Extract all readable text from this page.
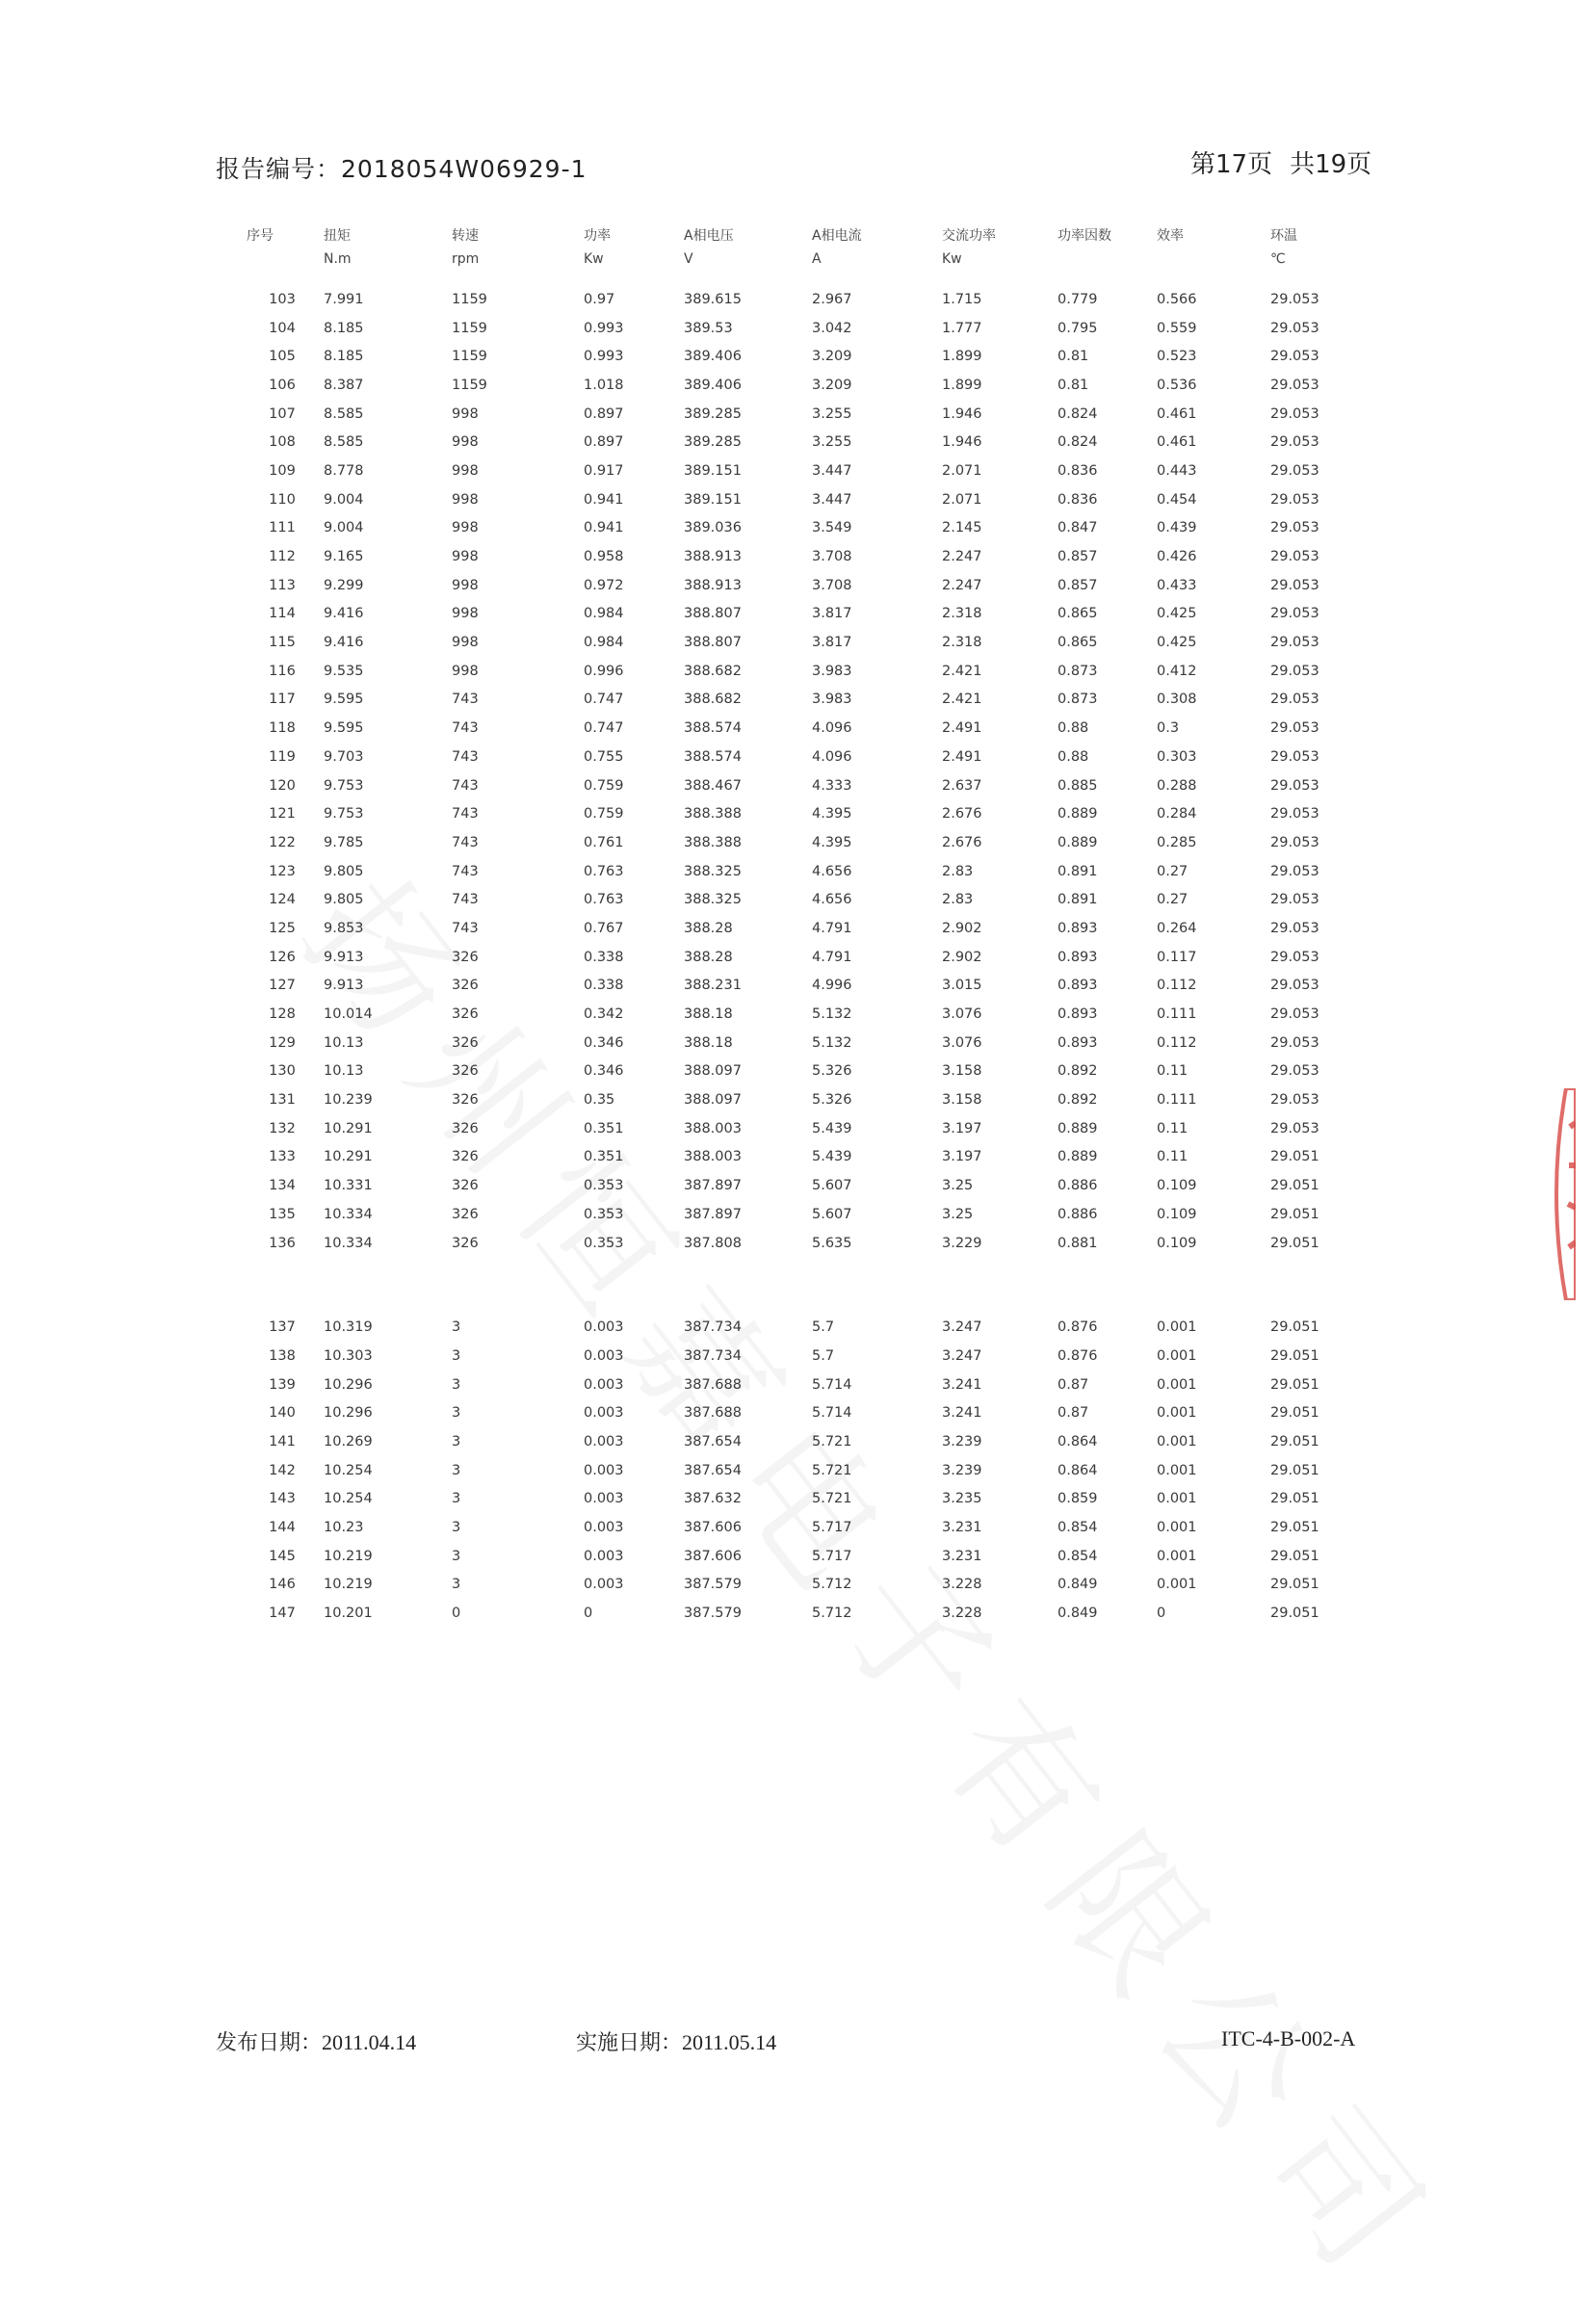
报告编号：2018054W06929-1	第17页 共19页
序号	扭矩	转速	功率	A相电压	A相电流	交流功率	功率因数	效率	环温
	N.m	rpm	Kw	V	A	Kw			℃

103	7.991	1159	0.97	389.615	2.967	1.715	0.779	0.566	29.053
104	8.185	1159	0.993	389.53	3.042	1.777	0.795	0.559	29.053
105	8.185	1159	0.993	389.406	3.209	1.899	0.81	0.523	29.053
106	8.387	1159	1.018	389.406	3.209	1.899	0.81	0.536	29.053
107	8.585	998	0.897	389.285	3.255	1.946	0.824	0.461	29.053
108	8.585	998	0.897	389.285	3.255	1.946	0.824	0.461	29.053
109	8.778	998	0.917	389.151	3.447	2.071	0.836	0.443	29.053
110	9.004	998	0.941	389.151	3.447	2.071	0.836	0.454	29.053
111	9.004	998	0.941	389.036	3.549	2.145	0.847	0.439	29.053
112	9.165	998	0.958	388.913	3.708	2.247	0.857	0.426	29.053
113	9.299	998	0.972	388.913	3.708	2.247	0.857	0.433	29.053
114	9.416	998	0.984	388.807	3.817	2.318	0.865	0.425	29.053
115	9.416	998	0.984	388.807	3.817	2.318	0.865	0.425	29.053
116	9.535	998	0.996	388.682	3.983	2.421	0.873	0.412	29.053
117	9.595	743	0.747	388.682	3.983	2.421	0.873	0.308	29.053
118	9.595	743	0.747	388.574	4.096	2.491	0.88	0.3	29.053
119	9.703	743	0.755	388.574	4.096	2.491	0.88	0.303	29.053
120	9.753	743	0.759	388.467	4.333	2.637	0.885	0.288	29.053
121	9.753	743	0.759	388.388	4.395	2.676	0.889	0.284	29.053
122	9.785	743	0.761	388.388	4.395	2.676	0.889	0.285	29.053
123	9.805	743	0.763	388.325	4.656	2.83	0.891	0.27	29.053
124	9.805	743	0.763	388.325	4.656	2.83	0.891	0.27	29.053
125	9.853	743	0.767	388.28	4.791	2.902	0.893	0.264	29.053
126	9.913	326	0.338	388.28	4.791	2.902	0.893	0.117	29.053
127	9.913	326	0.338	388.231	4.996	3.015	0.893	0.112	29.053
128	10.014	326	0.342	388.18	5.132	3.076	0.893	0.111	29.053
129	10.13	326	0.346	388.18	5.132	3.076	0.893	0.112	29.053
130	10.13	326	0.346	388.097	5.326	3.158	0.892	0.11	29.053
131	10.239	326	0.35	388.097	5.326	3.158	0.892	0.111	29.053
132	10.291	326	0.351	388.003	5.439	3.197	0.889	0.11	29.053
133	10.291	326	0.351	388.003	5.439	3.197	0.889	0.11	29.051
134	10.331	326	0.353	387.897	5.607	3.25	0.886	0.109	29.051
135	10.334	326	0.353	387.897	5.607	3.25	0.886	0.109	29.051
136	10.334	326	0.353	387.808	5.635	3.229	0.881	0.109	29.051

137	10.319	3	0.003	387.734	5.7	3.247	0.876	0.001	29.051
138	10.303	3	0.003	387.734	5.7	3.247	0.876	0.001	29.051
139	10.296	3	0.003	387.688	5.714	3.241	0.87	0.001	29.051
140	10.296	3	0.003	387.688	5.714	3.241	0.87	0.001	29.051
141	10.269	3	0.003	387.654	5.721	3.239	0.864	0.001	29.051
142	10.254	3	0.003	387.654	5.721	3.239	0.864	0.001	29.051
143	10.254	3	0.003	387.632	5.721	3.235	0.859	0.001	29.051
144	10.23	3	0.003	387.606	5.717	3.231	0.854	0.001	29.051
145	10.219	3	0.003	387.606	5.717	3.231	0.854	0.001	29.051
146	10.219	3	0.003	387.579	5.712	3.228	0.849	0.001	29.051
147	10.201	0	0	387.579	5.712	3.228	0.849	0	29.051
发布日期：2011.04.14	实施日期：2011.05.14	ITC-4-B-002-A
